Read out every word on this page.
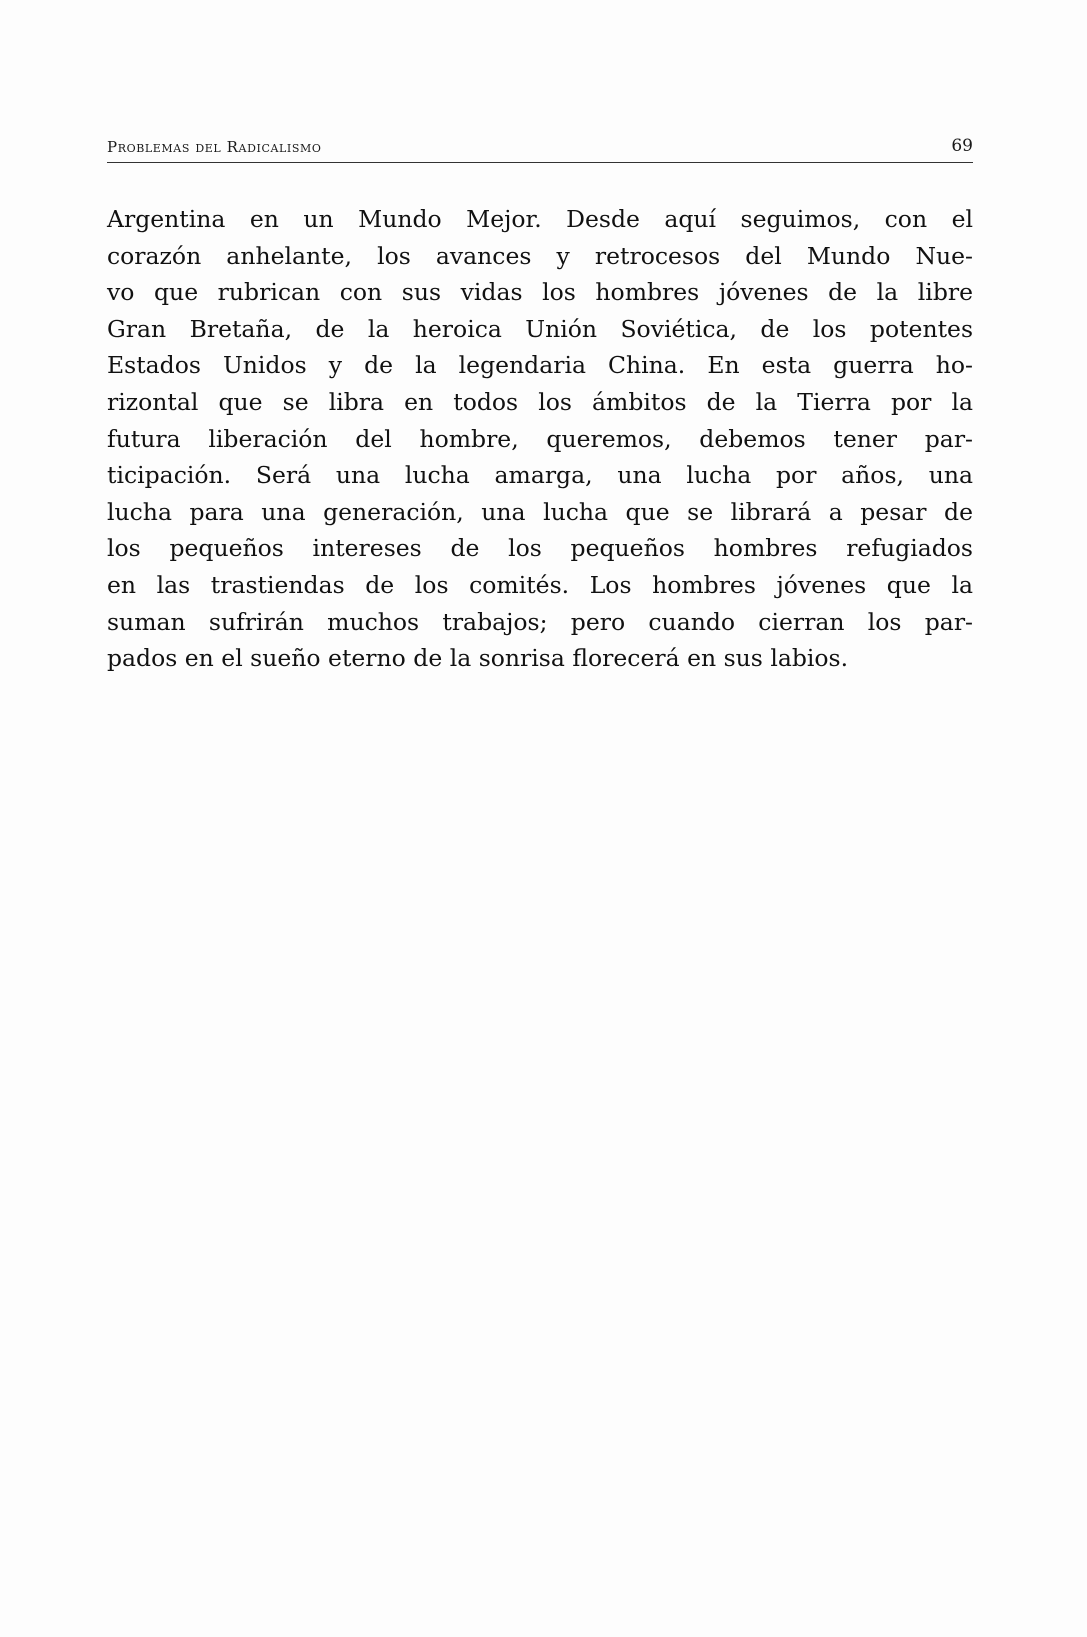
Problemas del Radicalismo	69
Argentina en un Mundo Mejor. Desde aquí seguimos, con el
corazón anhelante, los avances y retrocesos del Mundo Nue-
vo que rubrican con sus vidas los hombres jóvenes de la libre
Gran Bretaña, de la heroica Unión Soviética, de los potentes
Estados Unidos y de la legendaria China. En esta guerra ho-
rizontal que se libra en todos los ámbitos de la Tierra por la
futura liberación del hombre, queremos, debemos tener par-
ticipación. Será una lucha amarga, una lucha por años, una
lucha para una generación, una lucha que se librará a pesar de
los pequeños intereses de los pequeños hombres refugiados
en las trastiendas de los comités. Los hombres jóvenes que la
suman sufrirán muchos trabajos; pero cuando cierran los par-
pados en el sueño eterno de la sonrisa florecerá en sus labios.
